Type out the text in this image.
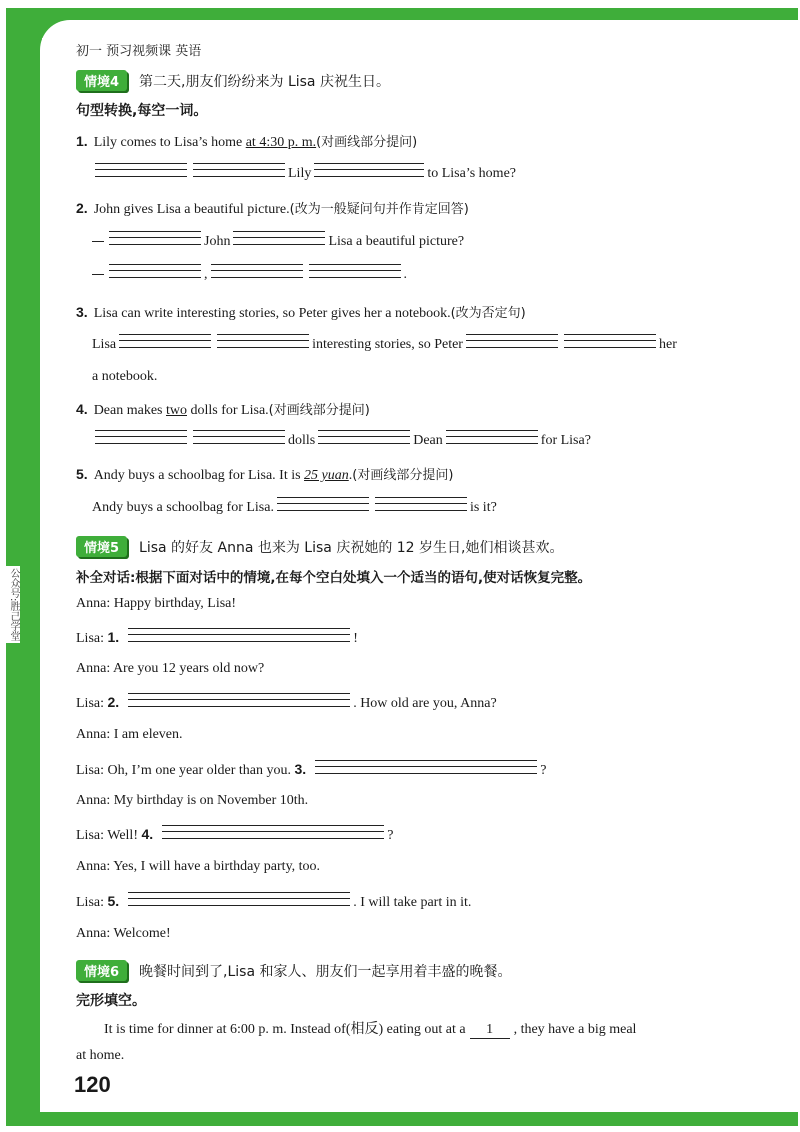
公众号:胜己学堂
初一 预习视频课 英语
情境4 第二天,朋友们纷纷来为 Lisa 庆祝生日。
句型转换,每空一词。
1. Lily comes to Lisa’s home at 4:30 p. m.(对画线部分提问)
Lily	to Lisa’s home?
2. John gives Lisa a beautiful picture.(改为一般疑问句并作肯定回答)
John	Lisa a beautiful picture?
,	.
3. Lisa can write interesting stories, so Peter gives her a notebook.(改为否定句)
Lisa	interesting stories, so Peter	her
a notebook.
4. Dean makes two dolls for Lisa.(对画线部分提问)
dolls	Dean	for Lisa?
5. Andy buys a schoolbag for Lisa. It is 25 yuan.(对画线部分提问)
Andy buys a schoolbag for Lisa.	is it?
情境5 Lisa 的好友 Anna 也来为 Lisa 庆祝她的 12 岁生日,她们相谈甚欢。
补全对话:根据下面对话中的情境,在每个空白处填入一个适当的语句,使对话恢复完整。
Anna: Happy birthday, Lisa!
Lisa: 1.	!
Anna: Are you 12 years old now?
Lisa: 2.	. How old are you, Anna?
Anna: I am eleven.
Lisa: Oh, I’m one year older than you. 3.	?
Anna: My birthday is on November 10th.
Lisa: Well! 4.	?
Anna: Yes, I will have a birthday party, too.
Lisa: 5.	. I will take part in it.
Anna: Welcome!
情境6 晚餐时间到了,Lisa 和家人、朋友们一起享用着丰盛的晚餐。
完形填空。
It is time for dinner at 6:00 p. m. Instead of(相反) eating out at a 1 , they have a big meal
at home.
120
